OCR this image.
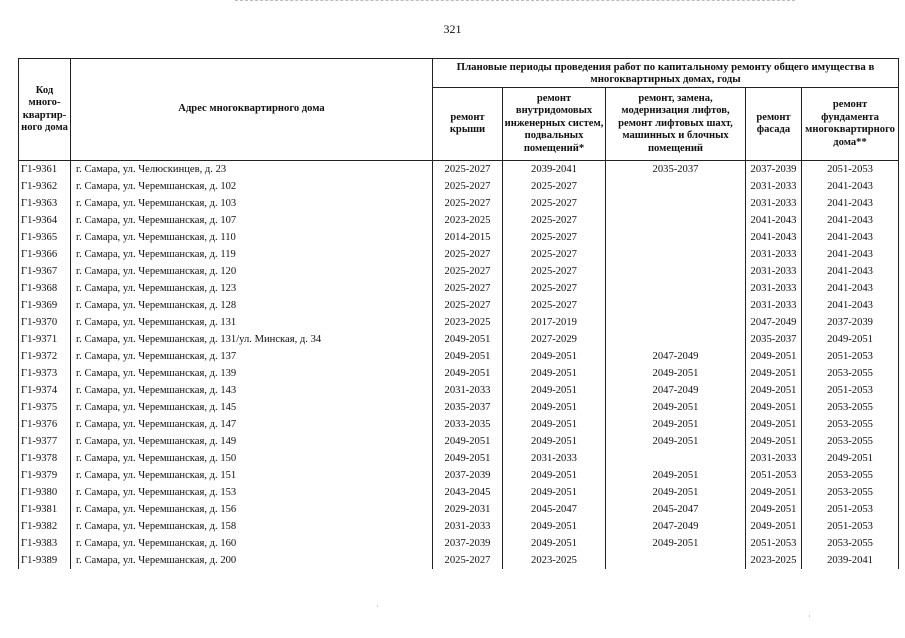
321
Код много-квартир-ного дома	Адрес многоквартирного дома	Плановые периоды проведения работ по капитальному ремонту общего имущества в многоквартирных домах, годы				
		ремонт крыши	ремонт внутридомовых инженерных систем, подвальных помещений*	ремонт, замена, модернизация лифтов, ремонт лифтовых шахт, машинных и блочных помещений	ремонт фасада	ремонт фундамента многоквартирного дома**
Г1-9361	г. Самара, ул. Челюскинцев, д. 23	2025-2027	2039-2041	2035-2037	2037-2039	2051-2053
Г1-9362	г. Самара, ул. Черемшанская, д. 102	2025-2027	2025-2027		2031-2033	2041-2043
Г1-9363	г. Самара, ул. Черемшанская, д. 103	2025-2027	2025-2027		2031-2033	2041-2043
Г1-9364	г. Самара, ул. Черемшанская, д. 107	2023-2025	2025-2027		2041-2043	2041-2043
Г1-9365	г. Самара, ул. Черемшанская, д. 110	2014-2015	2025-2027		2041-2043	2041-2043
Г1-9366	г. Самара, ул. Черемшанская, д. 119	2025-2027	2025-2027		2031-2033	2041-2043
Г1-9367	г. Самара, ул. Черемшанская, д. 120	2025-2027	2025-2027		2031-2033	2041-2043
Г1-9368	г. Самара, ул. Черемшанская, д. 123	2025-2027	2025-2027		2031-2033	2041-2043
Г1-9369	г. Самара, ул. Черемшанская, д. 128	2025-2027	2025-2027		2031-2033	2041-2043
Г1-9370	г. Самара, ул. Черемшанская, д. 131	2023-2025	2017-2019		2047-2049	2037-2039
Г1-9371	г. Самара, ул. Черемшанская, д. 131/ул. Минская, д. 34	2049-2051	2027-2029		2035-2037	2049-2051
Г1-9372	г. Самара, ул. Черемшанская, д. 137	2049-2051	2049-2051	2047-2049	2049-2051	2051-2053
Г1-9373	г. Самара, ул. Черемшанская, д. 139	2049-2051	2049-2051	2049-2051	2049-2051	2053-2055
Г1-9374	г. Самара, ул. Черемшанская, д. 143	2031-2033	2049-2051	2047-2049	2049-2051	2051-2053
Г1-9375	г. Самара, ул. Черемшанская, д. 145	2035-2037	2049-2051	2049-2051	2049-2051	2053-2055
Г1-9376	г. Самара, ул. Черемшанская, д. 147	2033-2035	2049-2051	2049-2051	2049-2051	2053-2055
Г1-9377	г. Самара, ул. Черемшанская, д. 149	2049-2051	2049-2051	2049-2051	2049-2051	2053-2055
Г1-9378	г. Самара, ул. Черемшанская, д. 150	2049-2051	2031-2033		2031-2033	2049-2051
Г1-9379	г. Самара, ул. Черемшанская, д. 151	2037-2039	2049-2051	2049-2051	2051-2053	2053-2055
Г1-9380	г. Самара, ул. Черемшанская, д. 153	2043-2045	2049-2051	2049-2051	2049-2051	2053-2055
Г1-9381	г. Самара, ул. Черемшанская, д. 156	2029-2031	2045-2047	2045-2047	2049-2051	2051-2053
Г1-9382	г. Самара, ул. Черемшанская, д. 158	2031-2033	2049-2051	2047-2049	2049-2051	2051-2053
Г1-9383	г. Самара, ул. Черемшанская, д. 160	2037-2039	2049-2051	2049-2051	2051-2053	2053-2055
Г1-9389	г. Самара, ул. Черемшанская, д. 200	2025-2027	2023-2025		2023-2025	2039-2041
·
·
